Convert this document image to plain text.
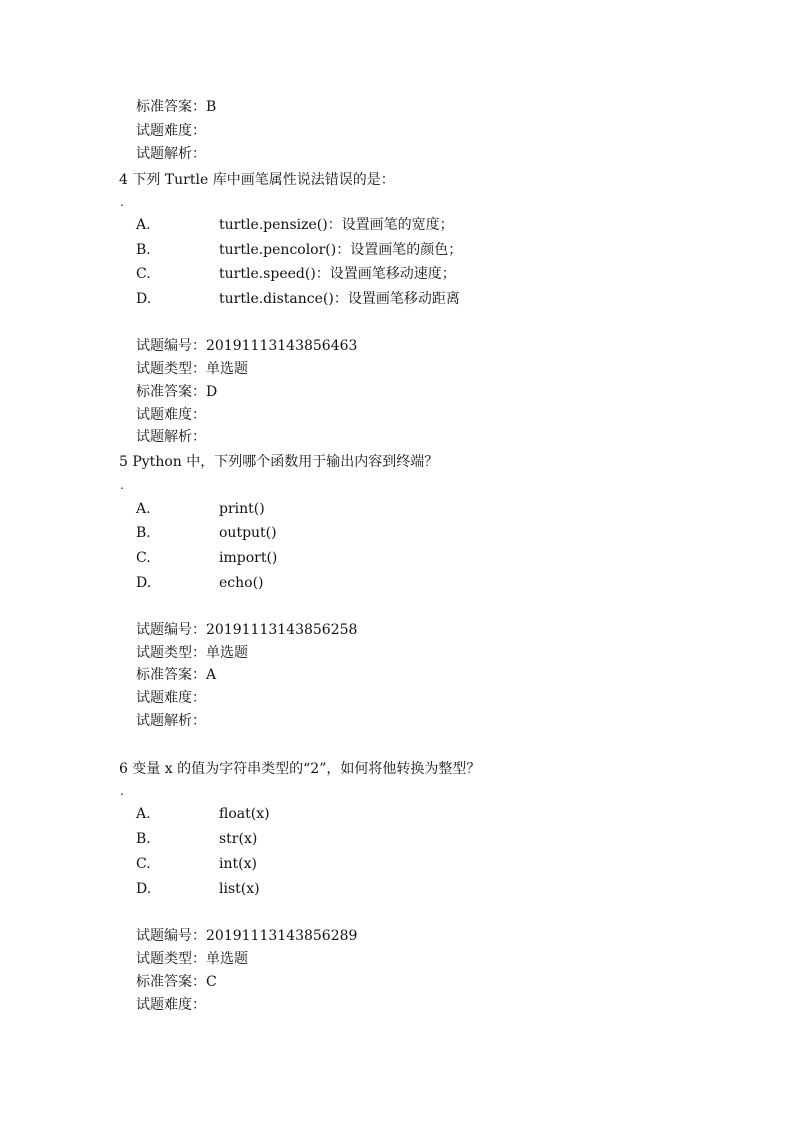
标准答案：B
试题难度：
试题解析：
4 下列 Turtle 库中画笔属性说法错误的是：
.
A.	turtle.pensize()：设置画笔的宽度；
B.	turtle.pencolor()：设置画笔的颜色；
C.	turtle.speed()：设置画笔移动速度；
D.	turtle.distance()：设置画笔移动距离
试题编号：20191113143856463
试题类型：单选题
标准答案：D
试题难度：
试题解析：
5 Python 中，下列哪个函数用于输出内容到终端？
.
A.	print()
B.	output()
C.	import()
D.	echo()
试题编号：20191113143856258
试题类型：单选题
标准答案：A
试题难度：
试题解析：
6 变量 x 的值为字符串类型的“2”，如何将他转换为整型？
.
A.	float(x)
B.	str(x)
C.	int(x)
D.	list(x)
试题编号：20191113143856289
试题类型：单选题
标准答案：C
试题难度：
